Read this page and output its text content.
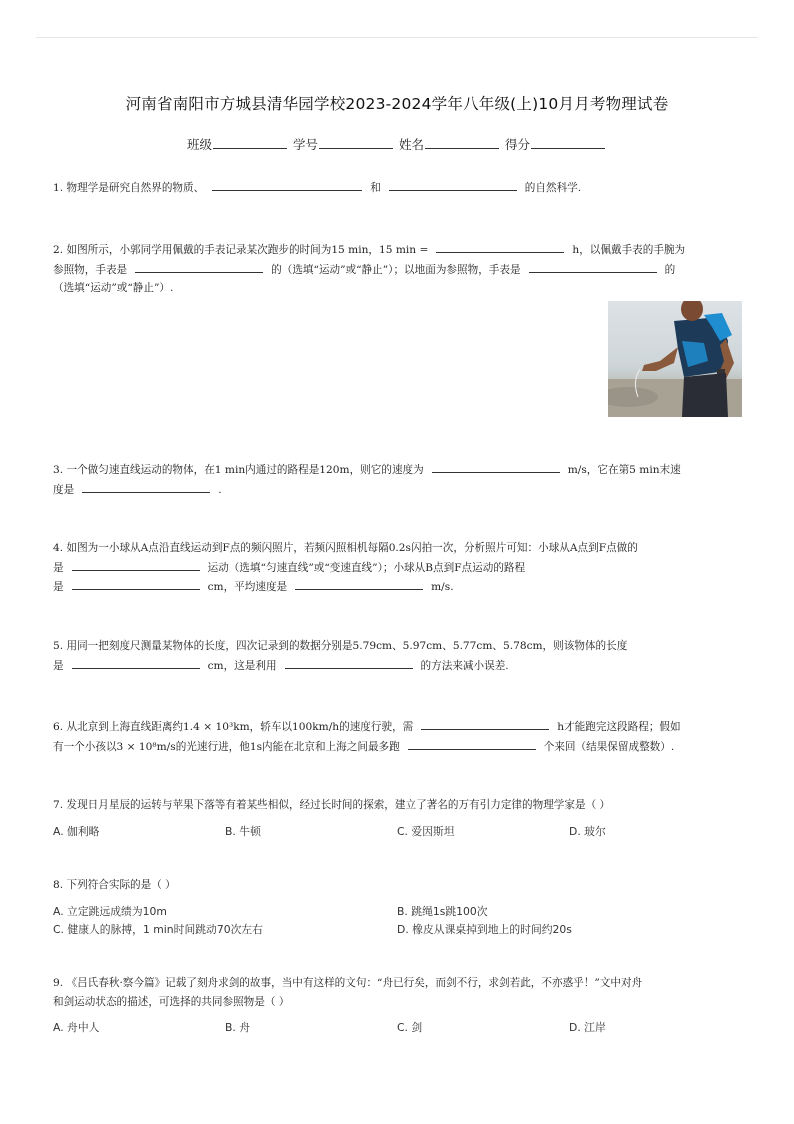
河南省南阳市方城县清华园学校2023-2024学年八年级(上)10月月考物理试卷
班级	学号	姓名	得分
1. 物理学是研究自然界的物质、	和	的自然科学.
2. 如图所示，小郭同学用佩戴的手表记录某次跑步的时间为15 min，15 min =	h，以佩戴手表的手腕为
参照物，手表是	的（选填“运动”或“静止”）；以地面为参照物，手表是	的
（选填“运动”或“静止”）.
3. 一个做匀速直线运动的物体，在1 min内通过的路程是120m，则它的速度为	m/s，它在第5 min末速
度是	.
4. 如图为一小球从A点沿直线运动到F点的频闪照片，若频闪照相机每隔0.2s闪拍一次，分析照片可知：小球从A点到F点做的
是	运动（选填“匀速直线”或“变速直线”）；小球从B点到F点运动的路程
是	cm，平均速度是	m/s.
5. 用同一把刻度尺测量某物体的长度，四次记录到的数据分别是5.79cm、5.97cm、5.77cm、5.78cm，则该物体的长度
是	cm，这是利用	的方法来减小误差.
6. 从北京到上海直线距离约1.4 × 10³km，轿车以100km/h的速度行驶，需	h才能跑完这段路程；假如
有一个小孩以3 × 10⁸m/s的光速行进，他1s内能在北京和上海之间最多跑	个来回（结果保留成整数）.
7. 发现日月星辰的运转与苹果下落等有着某些相似，经过长时间的探索，建立了著名的万有引力定律的物理学家是（ ）
A. 伽利略	B. 牛顿	C. 爱因斯坦	D. 玻尔
8. 下列符合实际的是（ ）
A. 立定跳远成绩为10m	B. 跳绳1s跳100次
C. 健康人的脉搏，1 min时间跳动70次左右	D. 橡皮从课桌掉到地上的时间约20s
9. 《吕氏春秋·察今篇》记载了刻舟求剑的故事，当中有这样的文句：“舟已行矣，而剑不行，求剑若此，不亦惑乎！”文中对舟
和剑运动状态的描述，可选择的共同参照物是（ ）
A. 舟中人	B. 舟	C. 剑	D. 江岸
